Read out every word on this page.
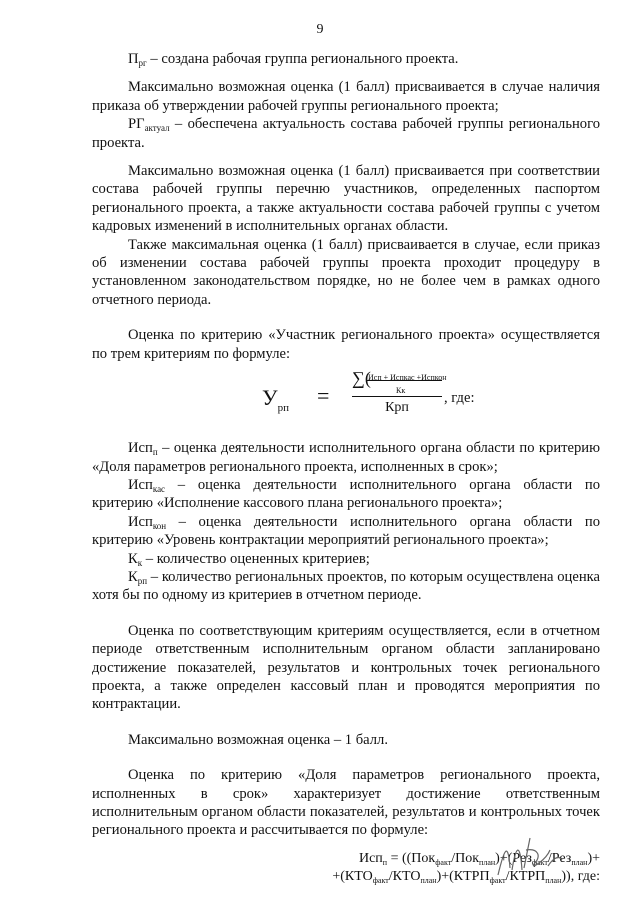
9

$П_{рг}$ – создана рабочая группа регионального проекта.

Максимально возможная оценка (1 балл) присваивается в случае наличия приказа об утверждении рабочей группы регионального проекта;

$РГ_{актуал}$ – обеспечена актуальность состава рабочей группы регионального проекта.

Максимально возможная оценка (1 балл) присваивается при соответствии состава рабочей группы перечню участников, определенных паспортом регионального проекта, а также актуальности состава рабочей группы с учетом кадровых изменений в исполнительных органах области.

Также максимальная оценка (1 балл) присваивается в случае, если приказ об изменении состава рабочей группы проекта проходит процедуру в установленном законодательством порядке, но не более чем в рамках одного отчетного периода.

Оценка по критерию «Участник регионального проекта» осуществляется по трем критериям по формуле:

$У_{рп}$ =
∑(
Исп + Испкас +Испкон
Кк
Крп
, где:

Исп$_п$ – оценка деятельности исполнительного органа области по критерию «Доля параметров регионального проекта, исполненных в срок»;

Исп$_{кас}$ – оценка деятельности исполнительного органа области по критерию «Исполнение кассового плана регионального проекта»;

Исп$_{кон}$ – оценка деятельности исполнительного органа области по критерию «Уровень контрактации мероприятий регионального проекта»;

$К_к$ – количество оцененных критериев;

$К_{рп}$ – количество региональных проектов, по которым осуществлена оценка хотя бы по одному из критериев в отчетном периоде.

Оценка по соответствующим критериям осуществляется, если в отчетном периоде ответственным исполнительным органом области запланировано достижение показателей, результатов и контрольных точек регионального проекта, а также определен кассовый план и проводятся мероприятия по контрактации.

Максимально возможная оценка – 1 балл.

Оценка по критерию «Доля параметров регионального проекта, исполненных в срок» характеризует достижение ответственным исполнительным органом области показателей, результатов и контрольных точек регионального проекта и рассчитывается по формуле:

Исп$_п$ = ((Пок$_{факт}$/Пок$_{план}$)+(Рез$_{факт}$/Рез$_{план}$)+
$+(КТО_{факт}/КТО_{план})+(КТРП_{факт}/КТРП_{план})$), где:
